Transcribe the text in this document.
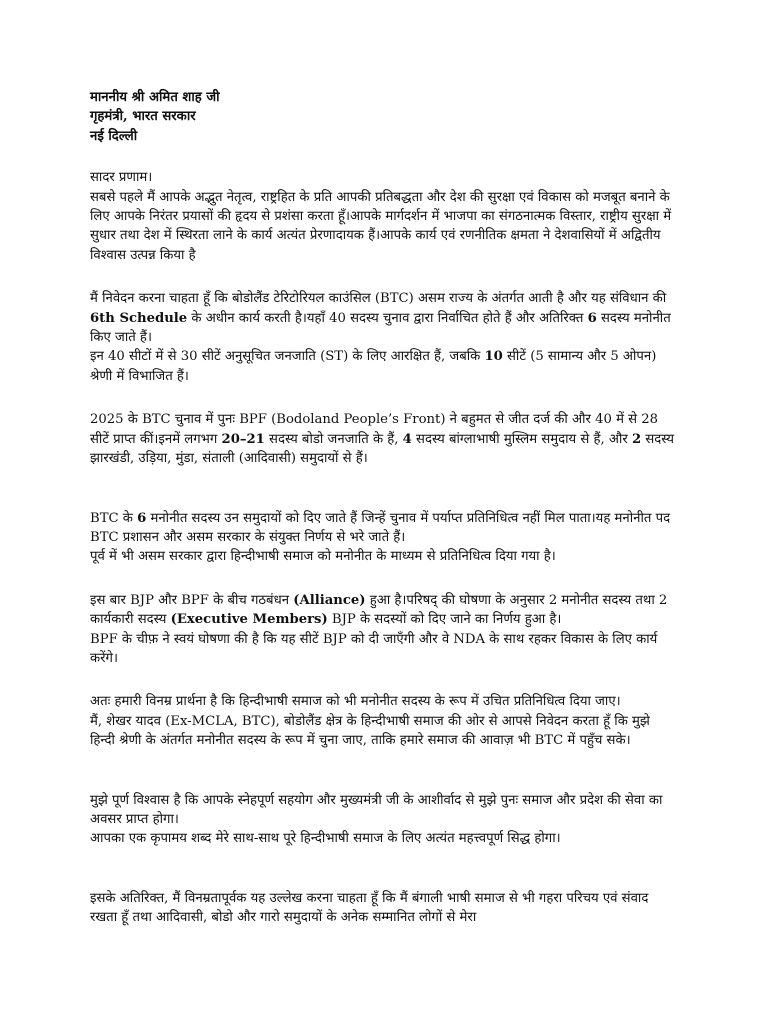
माननीय श्री अमित शाह जी
गृहमंत्री, भारत सरकार
नई दिल्ली
सादर प्रणाम।
सबसे पहले मैं आपके अद्भुत नेतृत्व, राष्ट्रहित के प्रति आपकी प्रतिबद्धता और देश की सुरक्षा एवं विकास को मजबूत बनाने के लिए आपके निरंतर प्रयासों की हृदय से प्रशंसा करता हूँ।आपके मार्गदर्शन में भाजपा का संगठनात्मक विस्तार, राष्ट्रीय सुरक्षा में सुधार तथा देश में स्थिरता लाने के कार्य अत्यंत प्रेरणादायक हैं।आपके कार्य एवं रणनीतिक क्षमता ने देशवासियों में अद्वितीय विश्वास उत्पन्न किया है
मैं निवेदन करना चाहता हूँ कि बोडोलैंड टेरिटोरियल काउंसिल (BTC) असम राज्य के अंतर्गत आती है और यह संविधान की 6th Schedule के अधीन कार्य करती है।यहाँ 40 सदस्य चुनाव द्वारा निर्वाचित होते हैं और अतिरिक्त 6 सदस्य मनोनीत किए जाते हैं।
इन 40 सीटों में से 30 सीटें अनुसूचित जनजाति (ST) के लिए आरक्षित हैं, जबकि 10 सीटें (5 सामान्य और 5 ओपन) श्रेणी में विभाजित हैं।
2025 के BTC चुनाव में पुनः BPF (Bodoland People’s Front) ने बहुमत से जीत दर्ज की और 40 में से 28 सीटें प्राप्त कीं।इनमें लगभग 20–21 सदस्य बोडो जनजाति के हैं, 4 सदस्य बांग्लाभाषी मुस्लिम समुदाय से हैं, और 2 सदस्य झारखंडी, उड़िया, मुंडा, संताली (आदिवासी) समुदायों से हैं।
BTC के 6 मनोनीत सदस्य उन समुदायों को दिए जाते हैं जिन्हें चुनाव में पर्याप्त प्रतिनिधित्व नहीं मिल पाता।यह मनोनीत पद BTC प्रशासन और असम सरकार के संयुक्त निर्णय से भरे जाते हैं।
पूर्व में भी असम सरकार द्वारा हिन्दीभाषी समाज को मनोनीत के माध्यम से प्रतिनिधित्व दिया गया है।
इस बार BJP और BPF के बीच गठबंधन (Alliance) हुआ है।परिषद् की घोषणा के अनुसार 2 मनोनीत सदस्य तथा 2 कार्यकारी सदस्य (Executive Members) BJP के सदस्यों को दिए जाने का निर्णय हुआ है।
BPF के चीफ़ ने स्वयं घोषणा की है कि यह सीटें BJP को दी जाएँगी और वे NDA के साथ रहकर विकास के लिए कार्य करेंगे।
अतः हमारी विनम्र प्रार्थना है कि हिन्दीभाषी समाज को भी मनोनीत सदस्य के रूप में उचित प्रतिनिधित्व दिया जाए।
मैं, शेखर यादव (Ex-MCLA, BTC), बोडोलैंड क्षेत्र के हिन्दीभाषी समाज की ओर से आपसे निवेदन करता हूँ कि मुझे हिन्दी श्रेणी के अंतर्गत मनोनीत सदस्य के रूप में चुना जाए, ताकि हमारे समाज की आवाज़ भी BTC में पहुँच सके।
मुझे पूर्ण विश्वास है कि आपके स्नेहपूर्ण सहयोग और मुख्यमंत्री जी के आशीर्वाद से मुझे पुनः समाज और प्रदेश की सेवा का अवसर प्राप्त होगा।
आपका एक कृपामय शब्द मेरे साथ-साथ पूरे हिन्दीभाषी समाज के लिए अत्यंत महत्त्वपूर्ण सिद्ध होगा।
इसके अतिरिक्त, मैं विनम्रतापूर्वक यह उल्लेख करना चाहता हूँ कि मैं बंगाली भाषी समाज से भी गहरा परिचय एवं संवाद रखता हूँ तथा आदिवासी, बोडो और गारो समुदायों के अनेक सम्मानित लोगों से मेरा
